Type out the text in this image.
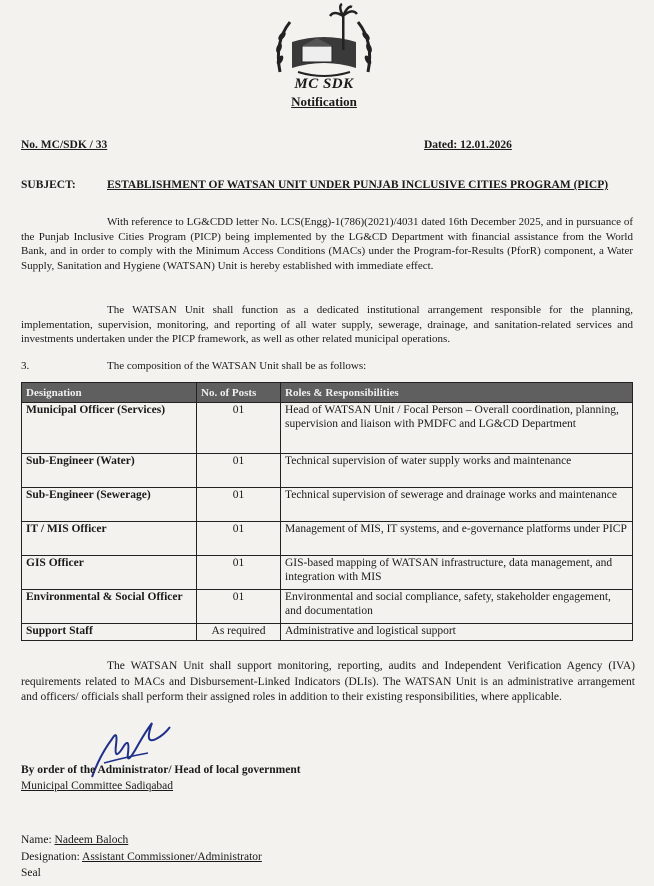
MC SDK
Notification
No. MC/SDK / 33	Dated: 12.01.2026
SUBJECT:	ESTABLISHMENT OF WATSAN UNIT UNDER PUNJAB INCLUSIVE CITIES PROGRAM (PICP)
With reference to LG&CDD letter No. LCS(Engg)-1(786)(2021)/4031 dated 16th December 2025, and in pursuance of the Punjab Inclusive Cities Program (PICP) being implemented by the LG&CD Department with financial assistance from the World Bank, and in order to comply with the Minimum Access Conditions (MACs) under the Program-for-Results (PforR) component, a Water Supply, Sanitation and Hygiene (WATSAN) Unit is hereby established with immediate effect.
The WATSAN Unit shall function as a dedicated institutional arrangement responsible for the planning, implementation, supervision, monitoring, and reporting of all water supply, sewerage, drainage, and sanitation-related services and investments undertaken under the PICP framework, as well as other related municipal operations.
3.	The composition of the WATSAN Unit shall be as follows:
Designation	No. of Posts	Roles & Responsibilities
Municipal Officer (Services)	01	Head of WATSAN Unit / Focal Person – Overall coordination, planning, supervision and liaison with PMDFC and LG&CD Department
Sub-Engineer (Water)	01	Technical supervision of water supply works and maintenance
Sub-Engineer (Sewerage)	01	Technical supervision of sewerage and drainage works and maintenance
IT / MIS Officer	01	Management of MIS, IT systems, and e-governance platforms under PICP
GIS Officer	01	GIS-based mapping of WATSAN infrastructure, data management, and integration with MIS
Environmental & Social Officer	01	Environmental and social compliance, safety, stakeholder engagement, and documentation
Support Staff	As required	Administrative and logistical support
The WATSAN Unit shall support monitoring, reporting, audits and Independent Verification Agency (IVA) requirements related to MACs and Disbursement-Linked Indicators (DLIs). The WATSAN Unit is an administrative arrangement and officers/ officials shall perform their assigned roles in addition to their existing responsibilities, where applicable.
By order of the Administrator/ Head of local government
Municipal Committee Sadiqabad
Name: Nadeem Baloch
Designation: Assistant Commissioner/Administrator
Seal
